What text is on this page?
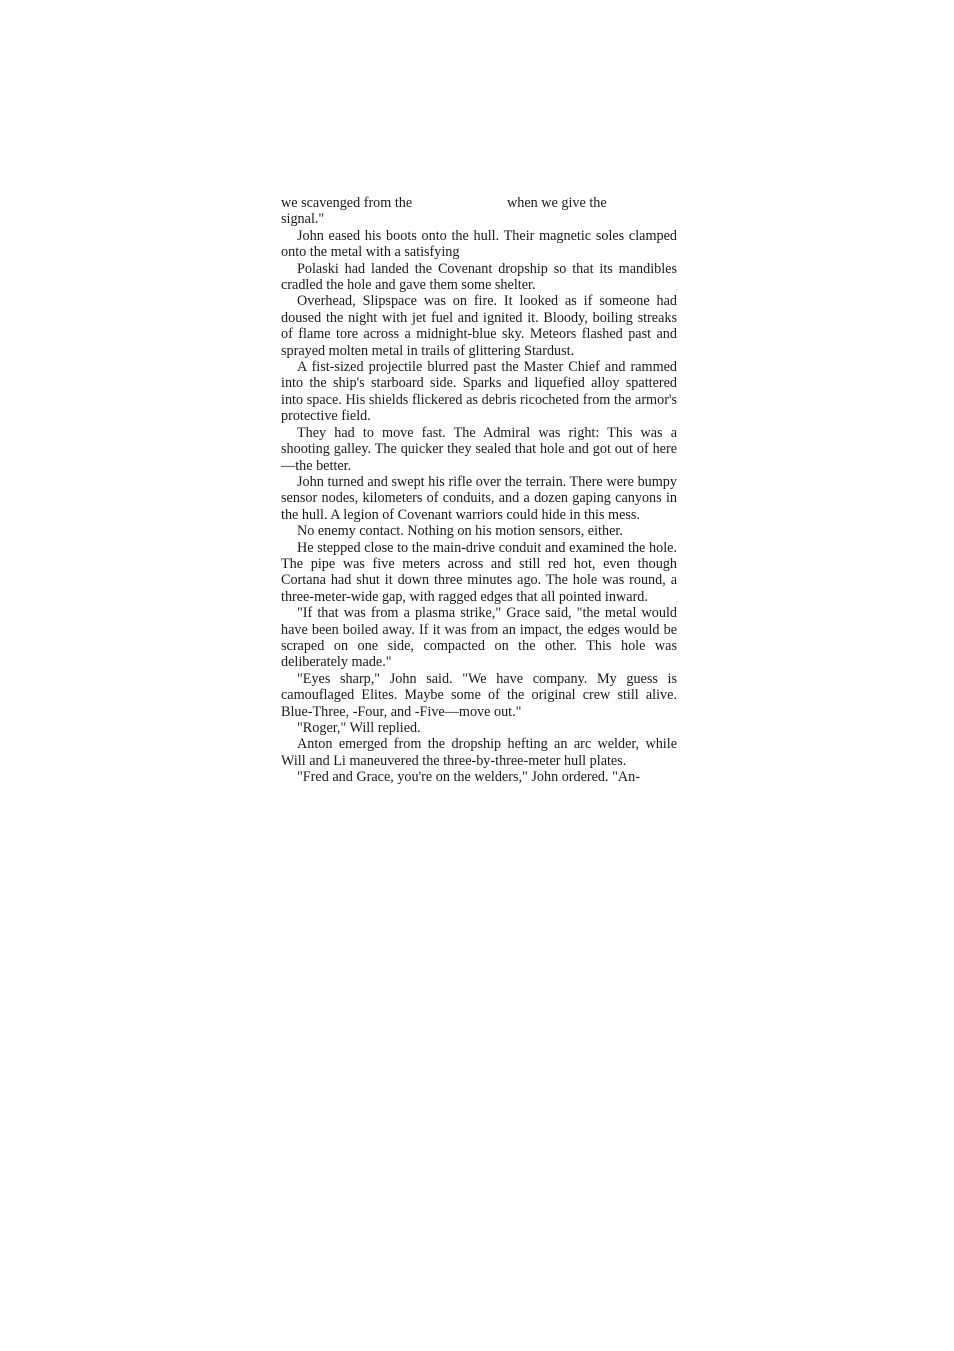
we scavenged from the	when we give the

signal."

John eased his boots onto the hull. Their magnetic soles clamped onto the metal with a satisfying

Polaski had landed the Covenant dropship so that its mandibles cradled the hole and gave them some shelter.

Overhead, Slipspace was on fire. It looked as if someone had doused the night with jet fuel and ignited it. Bloody, boiling streaks of flame tore across a midnight-blue sky. Meteors flashed past and sprayed molten metal in trails of glittering Stardust.

A fist-sized projectile blurred past the Master Chief and rammed into the ship's starboard side. Sparks and liquefied alloy spattered into space. His shields flickered as debris ricocheted from the armor's protective field.

They had to move fast. The Admiral was right: This was a shooting galley. The quicker they sealed that hole and got out of here—the better.

John turned and swept his rifle over the terrain. There were bumpy sensor nodes, kilometers of conduits, and a dozen gaping canyons in the hull. A legion of Covenant warriors could hide in this mess.

No enemy contact. Nothing on his motion sensors, either.

He stepped close to the main-drive conduit and examined the hole. The pipe was five meters across and still red hot, even though Cortana had shut it down three minutes ago. The hole was round, a three-meter-wide gap, with ragged edges that all pointed inward.

"If that was from a plasma strike," Grace said, "the metal would have been boiled away. If it was from an impact, the edges would be scraped on one side, compacted on the other. This hole was deliberately made."

"Eyes sharp," John said. "We have company. My guess is camouflaged Elites. Maybe some of the original crew still alive. Blue-Three, -Four, and -Five—move out."

"Roger," Will replied.

Anton emerged from the dropship hefting an arc welder, while Will and Li maneuvered the three-by-three-meter hull plates.

"Fred and Grace, you're on the welders," John ordered. "An-
